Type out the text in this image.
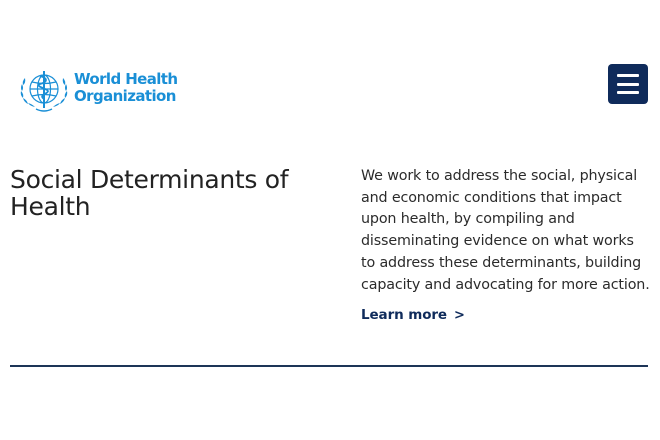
World Health
Organization
Social Determinants of Health

We work to address the social, physical and economic conditions that impact upon health, by compiling and disseminating evidence on what works to address these determinants, building capacity and advocating for more action.

Learn more >
